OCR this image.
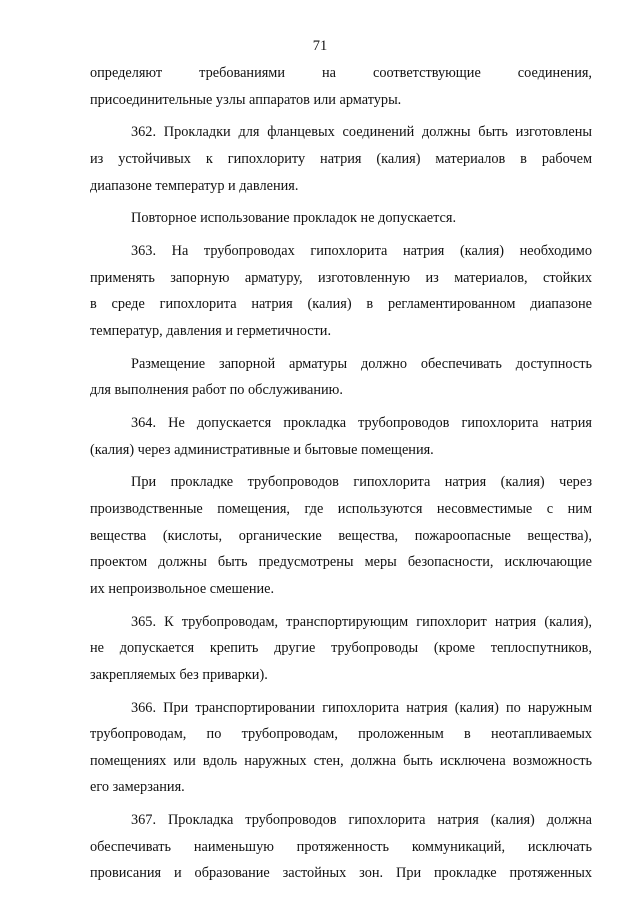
71
определяют требованиями на соответствующие соединения,
присоединительные узлы аппаратов или арматуры.
362. Прокладки для фланцевых соединений должны быть изготовлены
из устойчивых к гипохлориту натрия (калия) материалов в рабочем
диапазоне температур и давления.
Повторное использование прокладок не допускается.
363. На трубопроводах гипохлорита натрия (калия) необходимо
применять запорную арматуру, изготовленную из материалов, стойких
в среде гипохлорита натрия (калия) в регламентированном диапазоне
температур, давления и герметичности.
Размещение запорной арматуры должно обеспечивать доступность
для выполнения работ по обслуживанию.
364. Не допускается прокладка трубопроводов гипохлорита натрия
(калия) через административные и бытовые помещения.
При прокладке трубопроводов гипохлорита натрия (калия) через
производственные помещения, где используются несовместимые с ним
вещества (кислоты, органические вещества, пожароопасные вещества),
проектом должны быть предусмотрены меры безопасности, исключающие
их непроизвольное смешение.
365. К трубопроводам, транспортирующим гипохлорит натрия (калия),
не допускается крепить другие трубопроводы (кроме теплоспутников,
закрепляемых без приварки).
366. При транспортировании гипохлорита натрия (калия) по наружным
трубопроводам, по трубопроводам, проложенным в неотапливаемых
помещениях или вдоль наружных стен, должна быть исключена возможность
его замерзания.
367. Прокладка трубопроводов гипохлорита натрия (калия) должна
обеспечивать наименьшую протяженность коммуникаций, исключать
провисания и образование застойных зон. При прокладке протяженных
